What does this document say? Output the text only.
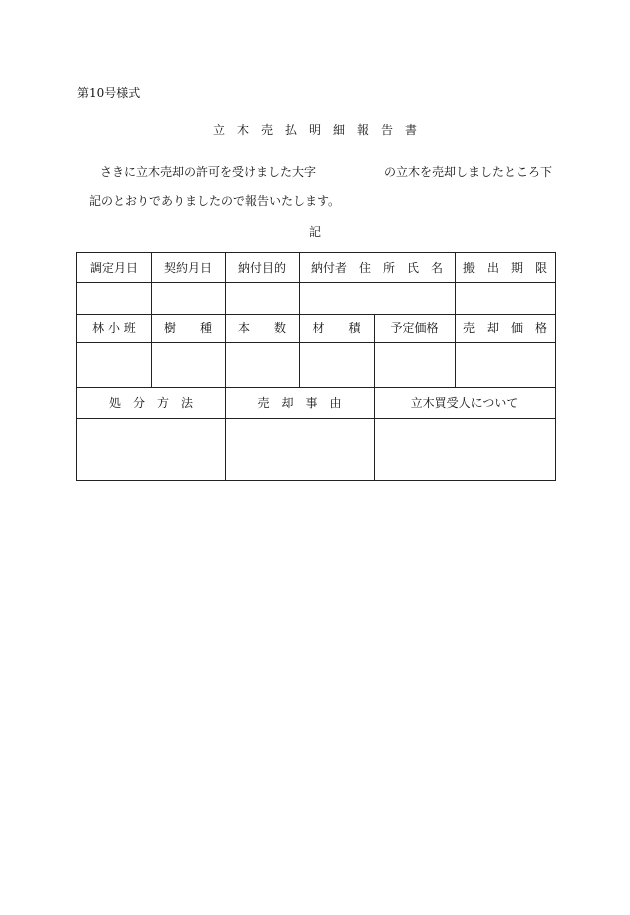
第10号様式
立　木　売　払　明　細　報　告　書
さきに立木売却の許可を受けました大字	の立木を売却しましたところ下
記のとおりでありましたので報告いたします。
記
調定月日	契約月日	納付目的	納付者　住　所　氏　名	搬　出　期　限
林 小 班	樹　　種	本　　数	材　　積	予定価格	売　却　価　格
処　分　方　法	売　却　事　由	立木買受人について
